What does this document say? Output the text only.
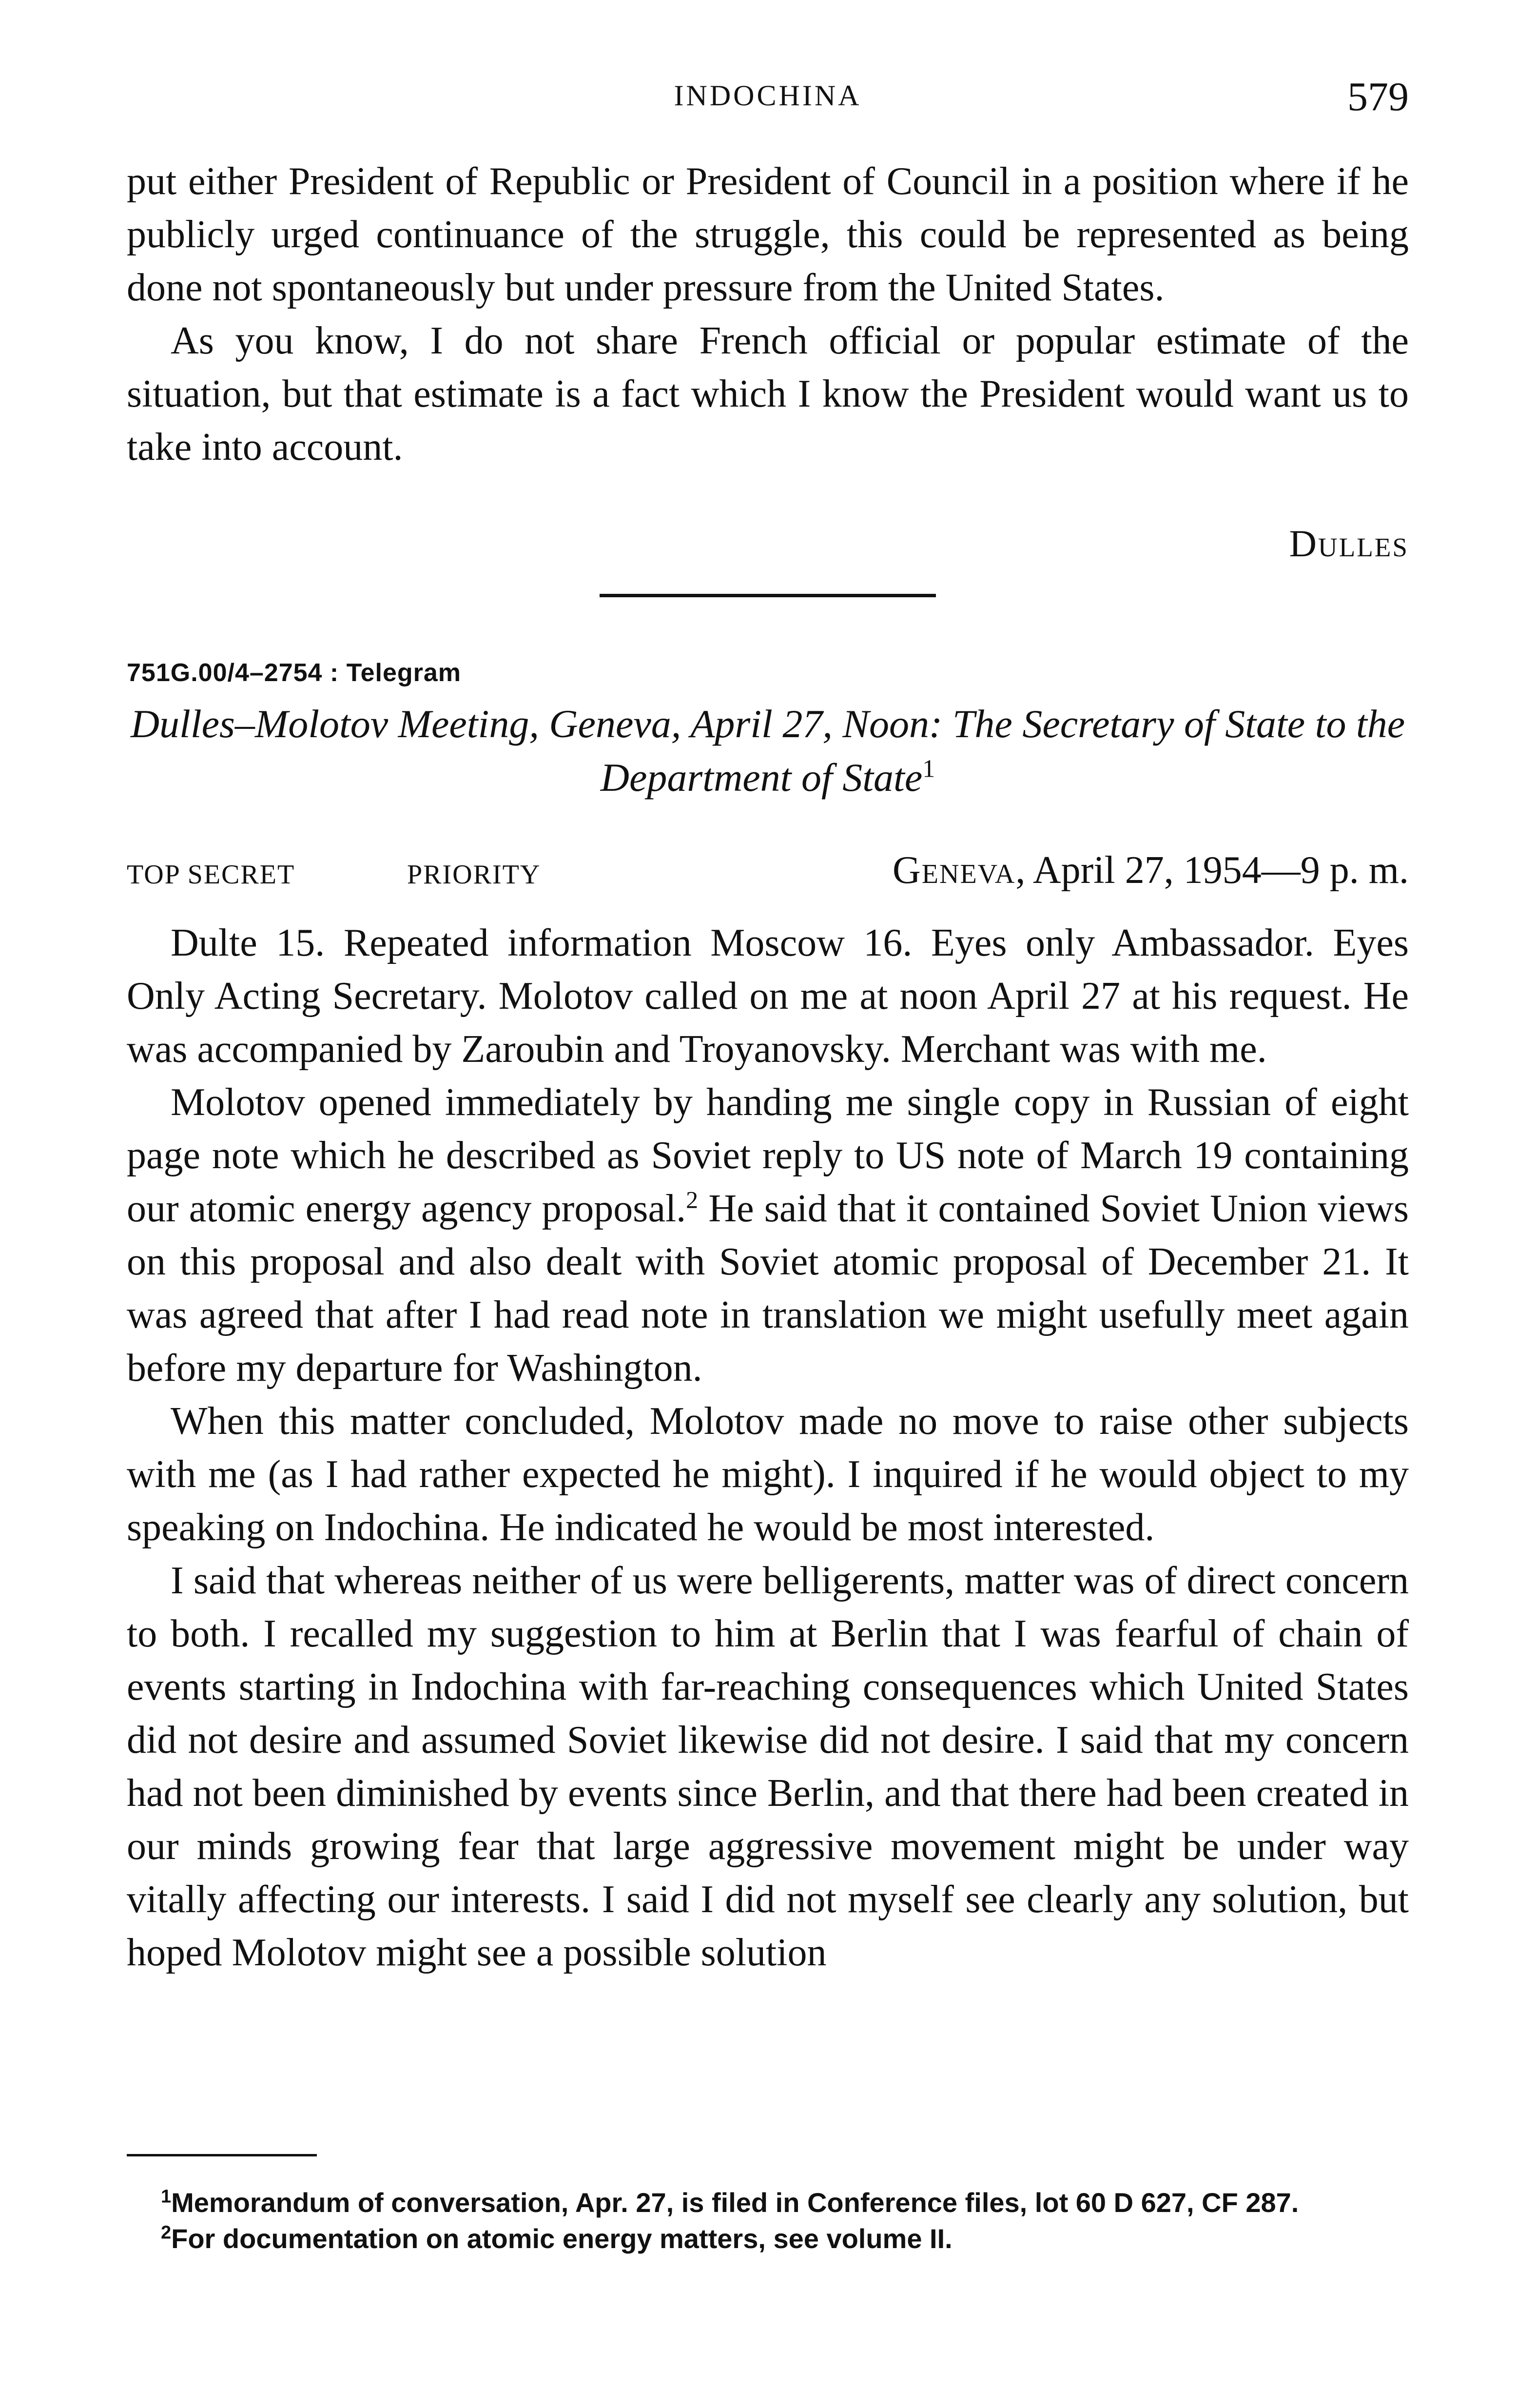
INDOCHINA	579

put either President of Republic or President of Council in a position where if he publicly urged continuance of the struggle, this could be represented as being done not spontaneously but under pressure from the United States.

As you know, I do not share French official or popular estimate of the situation, but that estimate is a fact which I know the President would want us to take into account.

Dulles
751G.00/4–2754 : Telegram
Dulles–Molotov Meeting, Geneva, April 27, Noon: The Secretary of State to the Department of State$^1$
TOP SECRET	PRIORITY	Geneva, April 27, 1954—9 p. m.

Dulte 15. Repeated information Moscow 16. Eyes only Ambassador. Eyes Only Acting Secretary. Molotov called on me at noon April 27 at his request. He was accompanied by Zaroubin and Troyanovsky. Merchant was with me.

Molotov opened immediately by handing me single copy in Russian of eight page note which he described as Soviet reply to US note of March 19 containing our atomic energy agency proposal.$^2$ He said that it contained Soviet Union views on this proposal and also dealt with Soviet atomic proposal of December 21. It was agreed that after I had read note in translation we might usefully meet again before my departure for Washington.

When this matter concluded, Molotov made no move to raise other subjects with me (as I had rather expected he might). I inquired if he would object to my speaking on Indochina. He indicated he would be most interested.

I said that whereas neither of us were belligerents, matter was of direct concern to both. I recalled my suggestion to him at Berlin that I was fearful of chain of events starting in Indochina with far-reaching consequences which United States did not desire and assumed Soviet likewise did not desire. I said that my concern had not been diminished by events since Berlin, and that there had been created in our minds growing fear that large aggressive movement might be under way vitally affecting our interests. I said I did not myself see clearly any solution, but hoped Molotov might see a possible solution

$^1$Memorandum of conversation, Apr. 27, is filed in Conference files, lot 60 D 627, CF 287.

$^2$For documentation on atomic energy matters, see volume II.
